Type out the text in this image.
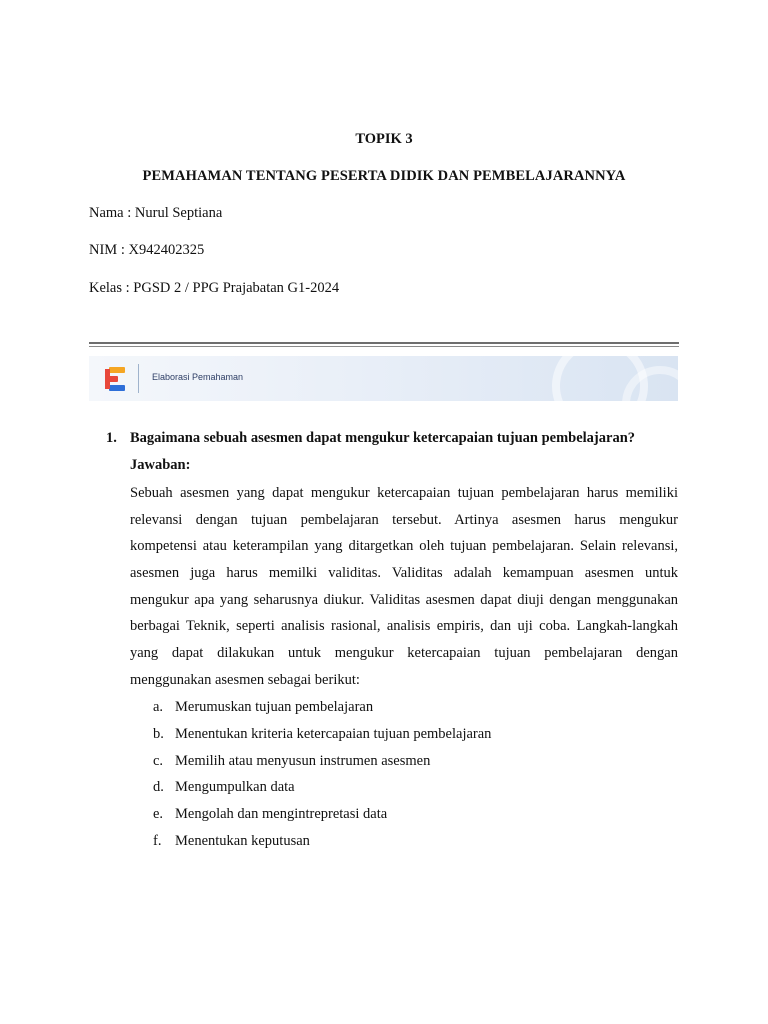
TOPIK 3
PEMAHAMAN TENTANG PESERTA DIDIK DAN PEMBELAJARANNYA

Nama : Nurul Septiana

NIM : X942402325

Kelas : PGSD 2 / PPG Prajabatan G1-2024

Elaborasi Pemahaman
1. Bagaimana sebuah asesmen dapat mengukur ketercapaian tujuan pembelajaran?
Jawaban:
Sebuah asesmen yang dapat mengukur ketercapaian tujuan pembelajaran harus memiliki
relevansi dengan tujuan pembelajaran tersebut. Artinya asesmen harus mengukur
kompetensi atau keterampilan yang ditargetkan oleh tujuan pembelajaran. Selain relevansi,
asesmen juga harus memilki validitas. Validitas adalah kemampuan asesmen untuk
mengukur apa yang seharusnya diukur. Validitas asesmen dapat diuji dengan menggunakan
berbagai Teknik, seperti analisis rasional, analisis empiris, dan uji coba. Langkah-langkah
yang dapat dilakukan untuk mengukur ketercapaian tujuan pembelajaran dengan
menggunakan asesmen sebagai berikut:
a. Merumuskan tujuan pembelajaran
b. Menentukan kriteria ketercapaian tujuan pembelajaran
c. Memilih atau menyusun instrumen asesmen
d. Mengumpulkan data
e. Mengolah dan mengintrepretasi data
f. Menentukan keputusan
